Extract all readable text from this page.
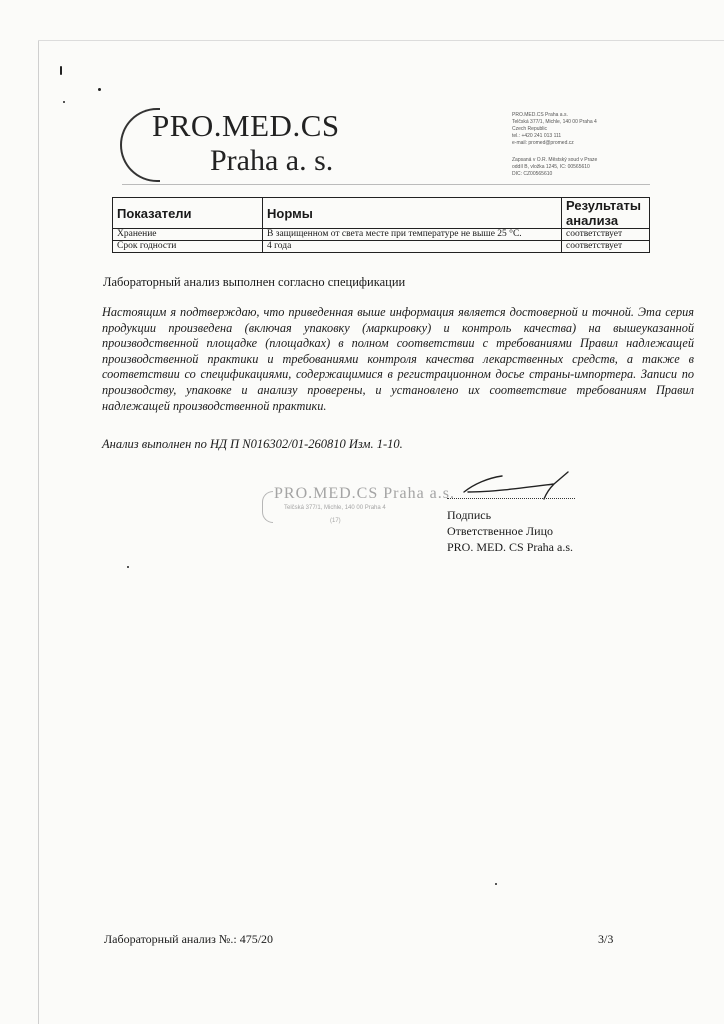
PRO.MED.CS
Praha a. s.
PRO.MED.CS Praha a.s.
Telčská 377/1, Michle, 140 00 Praha 4
Czech Republic
tel.: +420 241 013 111
e-mail: promed@promed.cz
Zapsaná v O.R. Městský soud v Praze
oddíl B, vložka 1245, IČ: 00565610
DIČ: CZ00565610
Показатели	Нормы	Результаты анализа
Хранение	В защищенном от света месте при температуре не выше 25 °С.	соответствует
Срок годности	4 года	соответствует
Лабораторный анализ выполнен согласно спецификации
Настоящим я подтверждаю, что приведенная выше информация является достоверной и точной. Эта серия продукции произведена (включая упаковку (маркировку) и контроль качества) на вышеуказанной производственной площадке (площадках) в полном соответствии с требованиями Правил надлежащей производственной практики и требованиями контроля качества лекарственных средств, а также в соответствии со спецификациями, содержащимися в регистрационном досье страны-импортера. Записи по производству, упаковке и анализу проверены, и установлено их соответствие требованиям Правил надлежащей производственной практики.
Анализ выполнен по НД П N016302/01-260810 Изм. 1-10.
PRO.MED.CS Praha a.s.
Telčská 377/1, Michle, 140 00 Praha 4
(17)	Подпись
Ответственное Лицо
PRO. MED. CS Praha a.s.
Лабораторный анализ №.: 475/20	3/3
